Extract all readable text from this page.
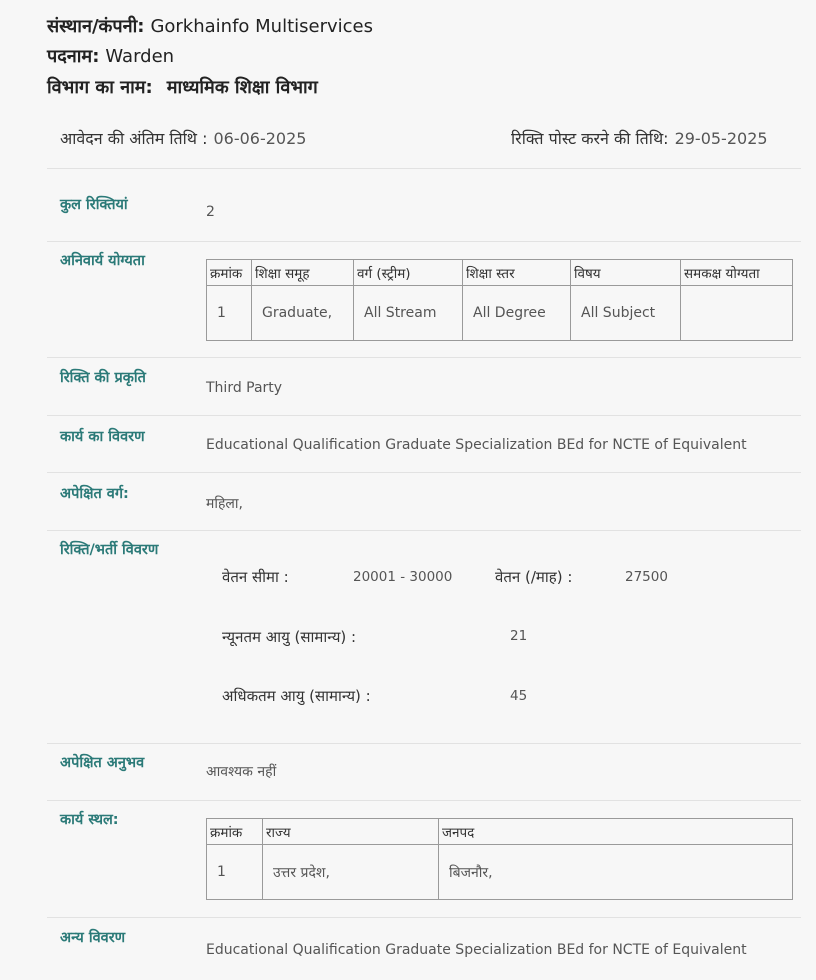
संस्थान/कंपनी: Gorkhainfo Multiservices
पदनाम: Warden
विभाग का नाम: माध्यमिक शिक्षा विभाग
आवेदन की अंतिम तिथि : 06-06-2025	रिक्ति पोस्ट करने की तिथि: 29-05-2025
कुल रिक्तियां	2
अनिवार्य योग्यता
क्रमांक	शिक्षा समूह	वर्ग (स्ट्रीम)	शिक्षा स्तर	विषय	समकक्ष योग्यता
1	Graduate,	All Stream	All Degree	All Subject	
रिक्ति की प्रकृति
Third Party
कार्य का विवरण	Educational Qualification Graduate Specialization BEd for NCTE of Equivalent
अपेक्षित वर्ग:
महिला,
रिक्ति/भर्ती विवरण
वेतन सीमा :	20001 - 30000	वेतन (/माह) :	27500
न्यूनतम आयु (सामान्य) :	21
अधिकतम आयु (सामान्य) :	45
अपेक्षित अनुभव
आवश्यक नहीं
कार्य स्थल:
क्रमांक	राज्य	जनपद
1	उत्तर प्रदेश,	बिजनौर,
अन्य विवरण
Educational Qualification Graduate Specialization BEd for NCTE of Equivalent
